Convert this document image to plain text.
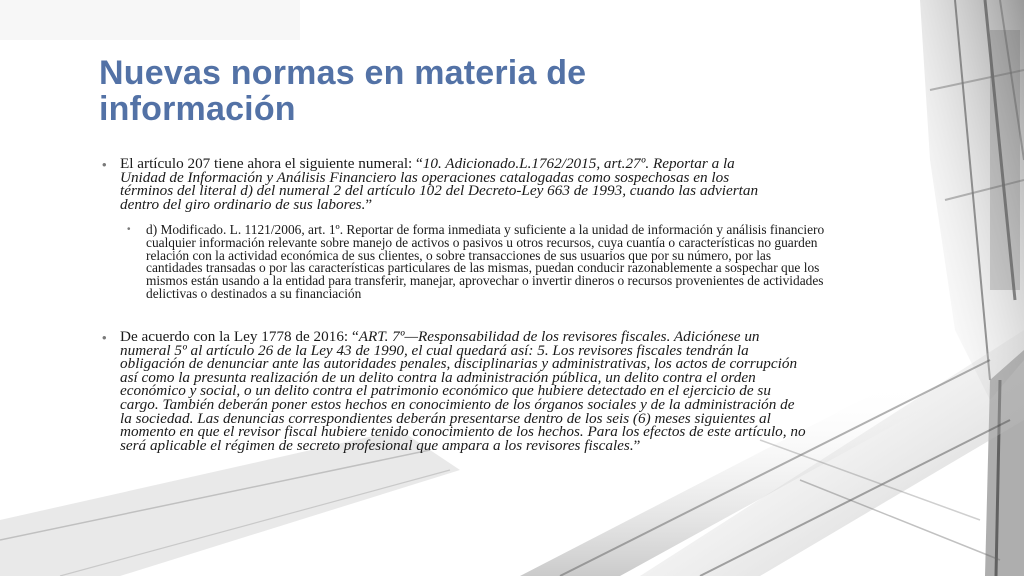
Nuevas normas en materia de información
• El artículo 207 tiene ahora el siguiente numeral: “10. Adicionado.L.1762/2015, art.27º. Reportar a la Unidad de Información y Análisis Financiero las operaciones catalogadas como sospechosas en los términos del literal d) del numeral 2 del artículo 102 del Decreto-Ley 663 de 1993, cuando las adviertan dentro del giro ordinario de sus labores.”
• d) Modificado. L. 1121/2006, art. 1º. Reportar de forma inmediata y suficiente a la unidad de información y análisis financiero cualquier información relevante sobre manejo de activos o pasivos u otros recursos, cuya cuantía o características no guarden relación con la actividad económica de sus clientes, o sobre transacciones de sus usuarios que por su número, por las cantidades transadas o por las características particulares de las mismas, puedan conducir razonablemente a sospechar que los mismos están usando a la entidad para transferir, manejar, aprovechar o invertir dineros o recursos provenientes de actividades delictivas o destinados a su financiación
• De acuerdo con la Ley 1778 de 2016: “ART. 7º—Responsabilidad de los revisores fiscales. Adiciónese un numeral 5º al artículo 26 de la Ley 43 de 1990, el cual quedará así: 5. Los revisores fiscales tendrán la obligación de denunciar ante las autoridades penales, disciplinarias y administrativas, los actos de corrupción así como la presunta realización de un delito contra la administración pública, un delito contra el orden económico y social, o un delito contra el patrimonio económico que hubiere detectado en el ejercicio de su cargo. También deberán poner estos hechos en conocimiento de los órganos sociales y de la administración de la sociedad. Las denuncias correspondientes deberán presentarse dentro de los seis (6) meses siguientes al momento en que el revisor fiscal hubiere tenido conocimiento de los hechos. Para los efectos de este artículo, no será aplicable el régimen de secreto profesional que ampara a los revisores fiscales.”
